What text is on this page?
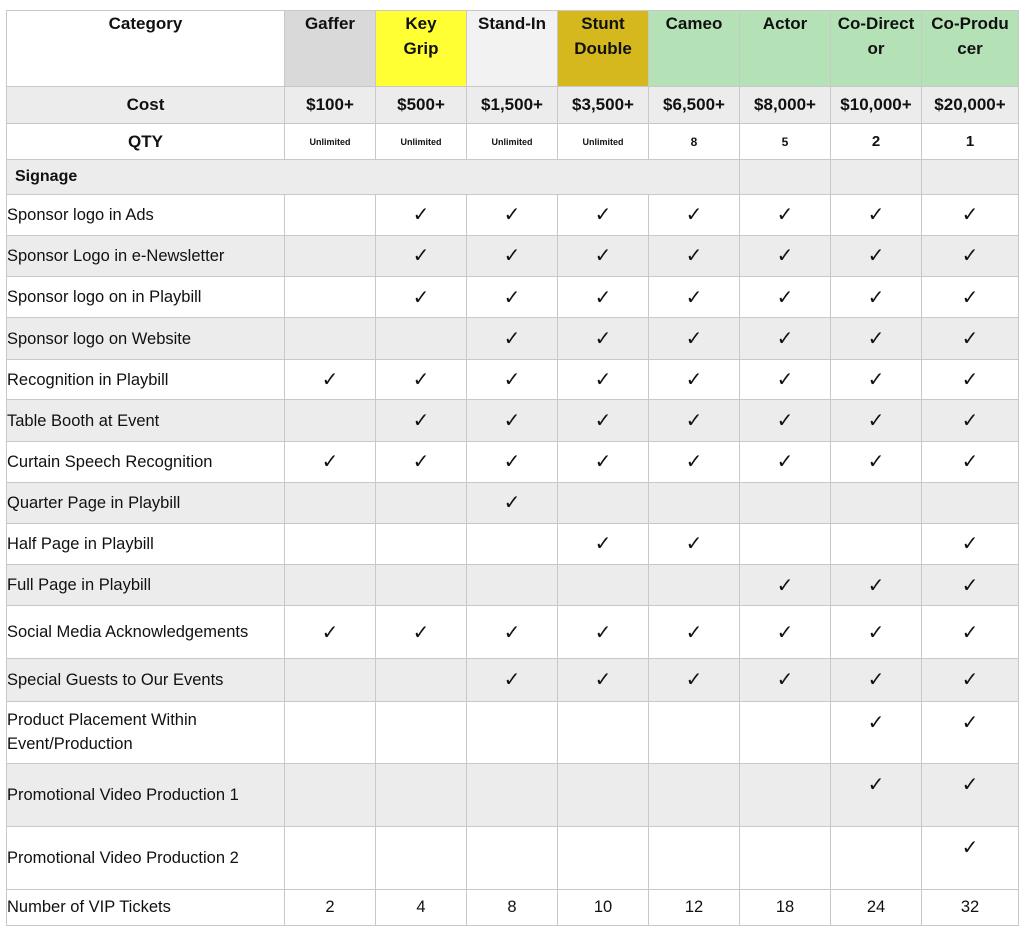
Category	Gaffer	Key Grip	Stand-In	Stunt Double	Cameo	Actor	Co-Director	Co-Producer

Cost	$100+	$500+	$1,500+	$3,500+	$6,500+	$8,000+	$10,000+	$20,000+
QTY	Unlimited	Unlimited	Unlimited	Unlimited	8	5	2	1
Signage								
Sponsor logo in Ads		✓	✓	✓	✓	✓	✓	✓
Sponsor Logo in e-Newsletter		✓	✓	✓	✓	✓	✓	✓
Sponsor logo on in Playbill		✓	✓	✓	✓	✓	✓	✓
Sponsor logo on Website			✓	✓	✓	✓	✓	✓
Recognition in Playbill	✓	✓	✓	✓	✓	✓	✓	✓
Table Booth at Event		✓	✓	✓	✓	✓	✓	✓
Curtain Speech Recognition	✓	✓	✓	✓	✓	✓	✓	✓
Quarter Page in Playbill			✓					
Half Page in Playbill				✓	✓			✓
Full Page in Playbill						✓	✓	✓
Social Media Acknowledgements	✓	✓	✓	✓	✓	✓	✓	✓
Special Guests to Our Events			✓	✓	✓	✓	✓	✓
Product Placement Within Event/Production							✓	✓
Promotional Video Production 1							✓	✓
Promotional Video Production 2								✓
Number of VIP Tickets	2	4	8	10	12	18	24	32
